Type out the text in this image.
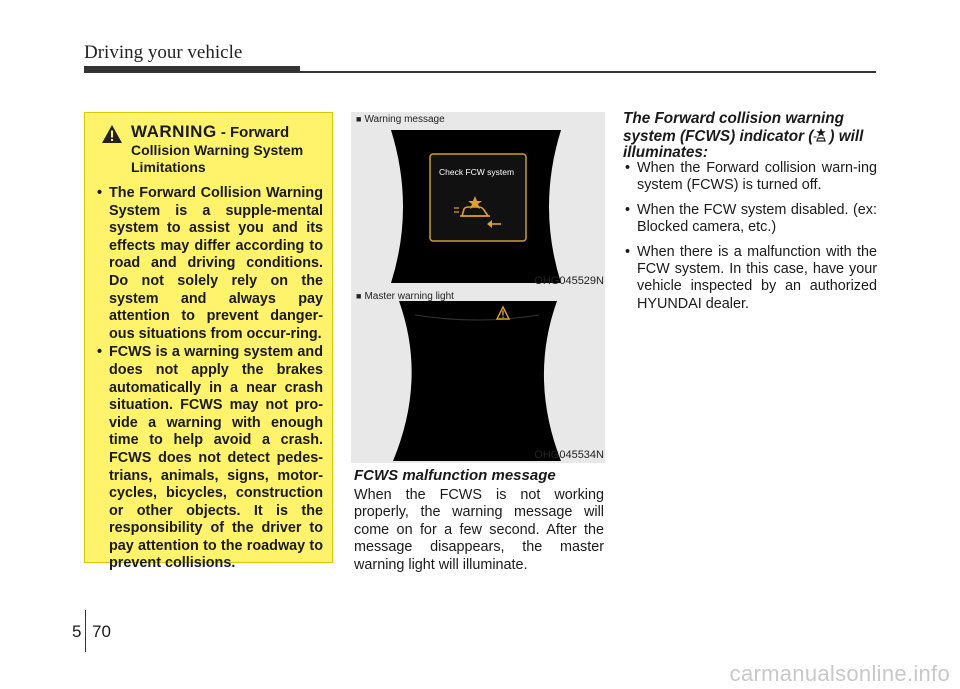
Driving your vehicle
WARNING - Forward
Collision Warning System Limitations
• The Forward Collision Warning System is a supple-mental system to assist you and its effects may differ according to road and driving conditions. Do not solely rely on the system and always pay attention to prevent danger-ous situations from occur-ring.
• FCWS is a warning system and does not apply the brakes automatically in a near crash situation. FCWS may not pro-vide a warning with enough time to help avoid a crash. FCWS does not detect pedes-trians, animals, signs, motor-cycles, bicycles, construction or other objects. It is the responsibility of the driver to pay attention to the roadway to prevent collisions.
Check FCW system
■ Warning message
OHG045529N
■ Master warning light
OHG045534N
FCWS malfunction message
When the FCWS is not working properly, the warning message will come on for a few second. After the message disappears, the master warning light will illuminate.
The Forward collision warning system (FCWS) indicator ( ) will illuminates:
• When the Forward collision warn-ing system (FCWS) is turned off.
• When the FCW system disabled. (ex: Blocked camera, etc.)
• When there is a malfunction with the FCW system. In this case, have your vehicle inspected by an authorized HYUNDAI dealer.
5 70
carmanualsonline.info
